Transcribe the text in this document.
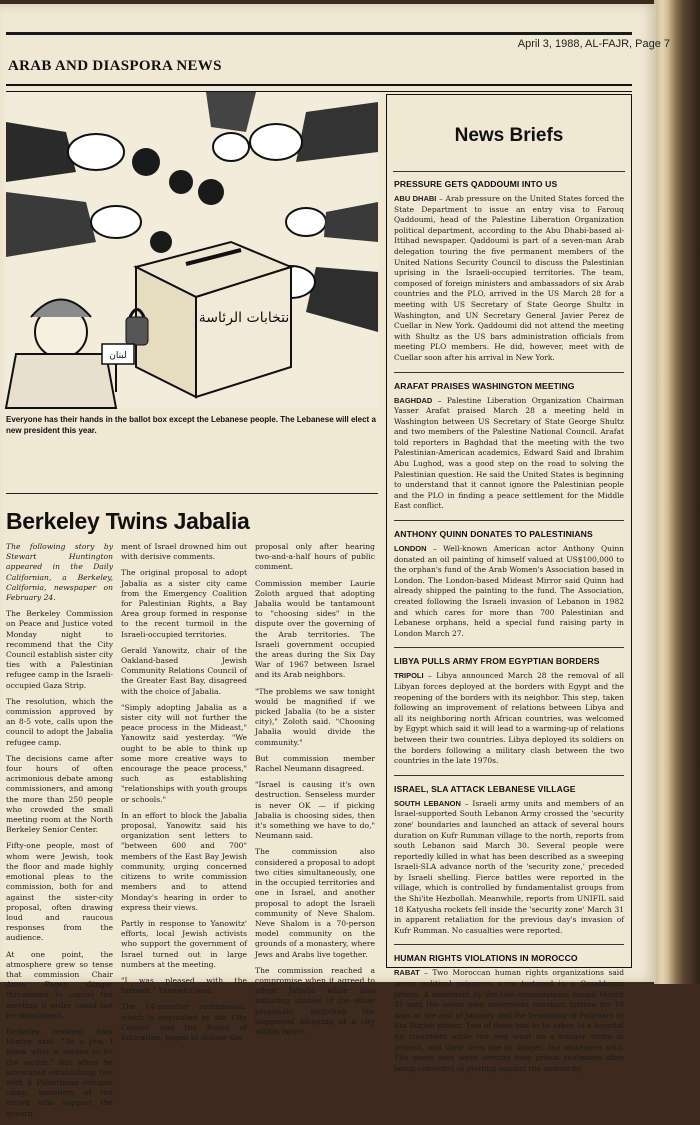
April 3, 1988, AL-FAJR, Page 7
ARAB AND DIASPORA NEWS
انتخابات الرئاسة
لبنان
Everyone has their hands in the ballot box except the Lebanese people. The Lebanese will elect a new president this year.
Berkeley Twins Jabalia

The following story by Stewart Huntington appeared in the Daily Californian, a Berkeley, California, newspaper on February 24.

The Berkeley Commission on Peace and Justice voted Monday night to recommend that the City Council establish sister city ties with a Palestinian refugee camp in the Israeli-occupied Gaza Strip.

The resolution, which the commission approved by an 8-5 vote, calls upon the council to adopt the Jabalia refugee camp.

The decisions came after four hours of often acrimonious debate among commissioners, and among the more than 250 people who crowded the small meeting room at the North Berkeley Senior Center.

Fifty-one people, most of whom were Jewish, took the floor and made highly emotional pleas to the commission, both for and against the sister-city proposal, often drawing loud and raucous responses from the audience.

At one point, the atmosphere grew so tense that commission Chair Anne Fagen Ginger threatened to cancel the meeting if order could not be maintained.

Berkeley resident Sam Hurley said: "As a Jew, I know what it means to be the victim." But when he advocated establishing ties with a Palestinian refugee camp, members of the crowd who support the govern-

ment of Israel drowned him out with derisive comments.

The original proposal to adopt Jabalia as a sister city came from the Emergency Coalition for Palestinian Rights, a Bay Area group formed in response to the recent turmoil in the Israeli-occupied territories.

Gerald Yanowitz, chair of the Oakland-based Jewish Community Relations Council of the Greater East Bay, disagreed with the choice of Jabalia.

"Simply adopting Jabalia as a sister city will not further the peace process in the Mideast," Yanowitz said yesterday. "We ought to be able to think up some more creative ways to encourage the peace process," such as establishing "relationships with youth groups or schools."

In an effort to block the Jabalia proposal, Yanowitz said his organization sent letters to "between 600 and 700" members of the East Bay Jewish community, urging concerned citizens to write commission members and to attend Monday's hearing in order to express their views.

Partly in response to Yanowitz' efforts, local Jewish activists who support the government of Israel turned out in large numbers at the meeting.

"I was pleased with the turnout," Yanowitz said.

The 14-member commission, which is appointed by the City Council and the Board of Education, began to debate the

proposal only after hearing two-and-a-half hours of public comment.

Commission member Laurie Zoloth argued that adopting Jabalia would be tantamount to "choosing sides" in the dispute over the governing of the Arab territories. The Israeli government occupied the areas during the Six Day War of 1967 between Israel and its Arab neighbors.

"The problems we saw tonight would be magnified if we picked Jabalia (to be a sister city)," Zoloth said. "Choosing Jabalia would divide the community."

But commission member Rachel Neumann disagreed.

"Israel is causing it's own destruction. Senseless murder is never OK — if picking Jabalia is choosing sides, then it's something we have to do," Neumann said.

The commission also considered a proposal to adopt two cities simultaneously, one in the occupied territories and one in Israel, and another proposal to adopt the Israeli community of Neve Shalom. Neve Shalom is a 70-person model community on the grounds of a monastery, where Jews and Arabs live together.

The commission reached a compromise when it agreed to adopt Jabalia while also initiating studies of the other proposals, including the suggested adopting of a city within Israel.

News Briefs
PRESSURE GETS QADDOUMI INTO US
ABU DHABI – Arab pressure on the United States forced the State Department to issue an entry visa to Farouq Qaddoumi, head of the Palestine Liberation Organization political department, according to the Abu Dhabi-based al-Ittihad newspaper. Qaddoumi is part of a seven-man Arab delegation touring the five permanent members of the United Nations Security Council to discuss the Palestinian uprising in the Israeli-occupied territories. The team, composed of foreign ministers and ambassadors of six Arab countries and the PLO, arrived in the US March 28 for a meeting with US Secretary of State George Shultz in Washington, and UN Secretary General Javier Perez de Cuellar in New York. Qaddoumi did not attend the meeting with Shultz as the US bars administration officials from meeting PLO members. He did, however, meet with de Cuellar soon after his arrival in New York.
ARAFAT PRAISES WASHINGTON MEETING
BAGHDAD – Palestine Liberation Organization Chairman Yasser Arafat praised March 28 a meeting held in Washington between US Secretary of State George Shultz and two members of the Palestine National Council. Arafat told reporters in Baghdad that the meeting with the two Palestinian-American academics, Edward Said and Ibrahim Abu Lughod, was a good step on the road to solving the Palestinian question. He said the United States is beginning to understand that it cannot ignore the Palestinian people and the PLO in finding a peace settlement for the Middle East conflict.
ANTHONY QUINN DONATES TO PALESTINIANS
LONDON – Well-known American actor Anthony Quinn donated an oil painting of himself valued at US$100,000 to the orphan's fund of the Arab Women's Association based in London. The London-based Mideast Mirror said Quinn had already shipped the painting to the fund. The Association, created following the Israeli invasion of Lebanon in 1982 and which cares for more than 700 Palestinian and Lebanese orphans, held a special fund raising party in London March 27.
LIBYA PULLS ARMY FROM EGYPTIAN BORDERS
TRIPOLI – Libya announced March 28 the removal of all Libyan forces deployed at the borders with Egypt and the reopening of the borders with its neighbor. This step, taken following an improvement of relations between Libya and all its neighboring north African countries, was welcomed by Egypt which said it will lead to a warming-up of relations between their two countries. Libya deployed its soldiers on the borders following a military clash between the two countries in the late 1970s.
ISRAEL, SLA ATTACK LEBANESE VILLAGE
SOUTH LEBANON – Israeli army units and members of an Israel-supported South Lebanon Army crossed the 'security zone' boundaries and launched an attack of several hours duration on Kufr Rumman village to the north, reports from south Lebanon said March 30. Several people were reportedly killed in what has been described as a sweeping Israeli-SLA advance north of the 'security zone,' preceded by Israeli shelling. Fierce battles were reported in the village, which is controlled by fundamentalist groups from the Shi'ite Hezbollah. Meanwhile, reports from UNIFIL said 18 Katyusha rockets fell inside the 'security zone' March 31 in apparent retaliation for the previous day's invasion of Kufr Rumman. No casualties were reported.
HUMAN RIGHTS VIOLATIONS IN MOROCCO
RABAT – Two Moroccan human rights organizations said seven political prisoners were tortured in a Casablanca prison. A statement by the two organizations issued March 31 said the seven men underwent constant torture for 10 days at the end of January and the beginning of February at Ein Burjeh prison. Two of them had to be taken to a hospital for treatment while the rest went on a hunger strike in protest, and their lives are in danger, the statement said. The seven men were serving long prison sentences after being convicted of plotting against the monarchy.
